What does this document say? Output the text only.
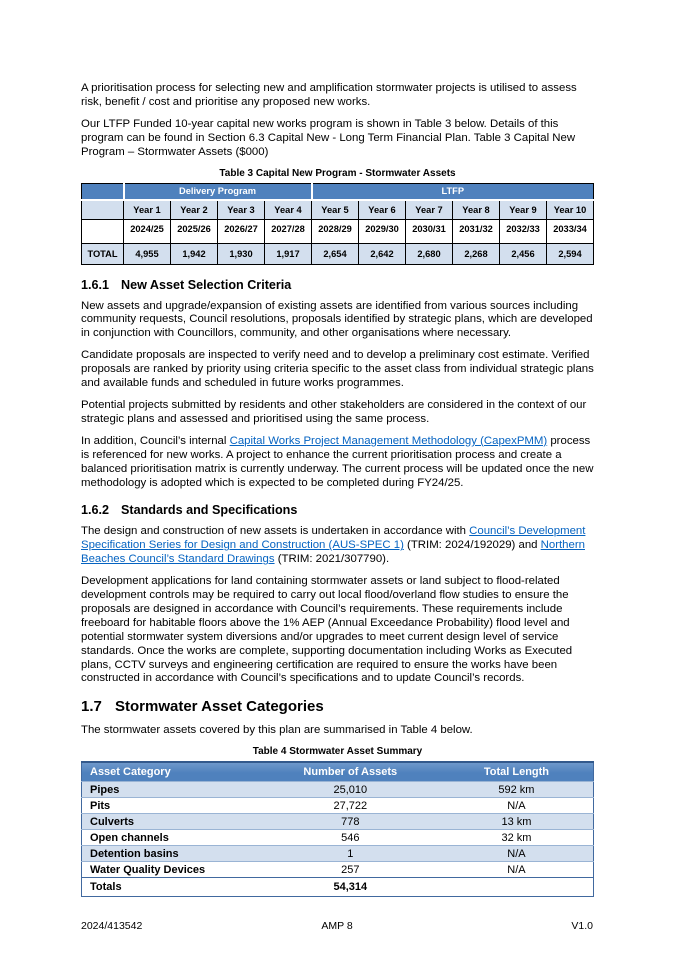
A prioritisation process for selecting new and amplification stormwater projects is utilised to assess risk, benefit / cost and prioritise any proposed new works.

Our LTFP Funded 10-year capital new works program is shown in Table 3 below. Details of this program can be found in Section 6.3 Capital New - Long Term Financial Plan. Table 3 Capital New Program – Stormwater Assets ($000)

Table 3 Capital New Program - Stormwater Assets
	Delivery Program				LTFP					
	Year 1	Year 2	Year 3	Year 4	Year 5	Year 6	Year 7	Year 8	Year 9	Year 10
	2024/25	2025/26	2026/27	2027/28	2028/29	2029/30	2030/31	2031/32	2032/33	2033/34
TOTAL	4,955	1,942	1,930	1,917	2,654	2,642	2,680	2,268	2,456	2,594
1.6.1 New Asset Selection Criteria

New assets and upgrade/expansion of existing assets are identified from various sources including community requests, Council resolutions, proposals identified by strategic plans, which are developed in conjunction with Councillors, community, and other organisations where necessary.

Candidate proposals are inspected to verify need and to develop a preliminary cost estimate. Verified proposals are ranked by priority using criteria specific to the asset class from individual strategic plans and available funds and scheduled in future works programmes.

Potential projects submitted by residents and other stakeholders are considered in the context of our strategic plans and assessed and prioritised using the same process.

In addition, Council’s internal Capital Works Project Management Methodology (CapexPMM) process is referenced for new works. A project to enhance the current prioritisation process and create a balanced prioritisation matrix is currently underway. The current process will be updated once the new methodology is adopted which is expected to be completed during FY24/25.

1.6.2 Standards and Specifications

The design and construction of new assets is undertaken in accordance with Council’s Development Specification Series for Design and Construction (AUS-SPEC 1) (TRIM: 2024/192029) and Northern Beaches Council’s Standard Drawings (TRIM: 2021/307790).

Development applications for land containing stormwater assets or land subject to flood-related development controls may be required to carry out local flood/overland flow studies to ensure the proposals are designed in accordance with Council’s requirements. These requirements include freeboard for habitable floors above the 1% AEP (Annual Exceedance Probability) flood level and potential stormwater system diversions and/or upgrades to meet current design level of service standards. Once the works are complete, supporting documentation including Works as Executed plans, CCTV surveys and engineering certification are required to ensure the works have been constructed in accordance with Council’s specifications and to update Council’s records.

1.7 Stormwater Asset Categories

The stormwater assets covered by this plan are summarised in Table 4 below.

Table 4 Stormwater Asset Summary
Asset Category	Number of Assets	Total Length
Pipes	25,010	592 km
Pits	27,722	N/A
Culverts	778	13 km
Open channels	546	32 km
Detention basins	1	N/A
Water Quality Devices	257	N/A
Totals	54,314	
2024/413542	AMP 8	V1.0
